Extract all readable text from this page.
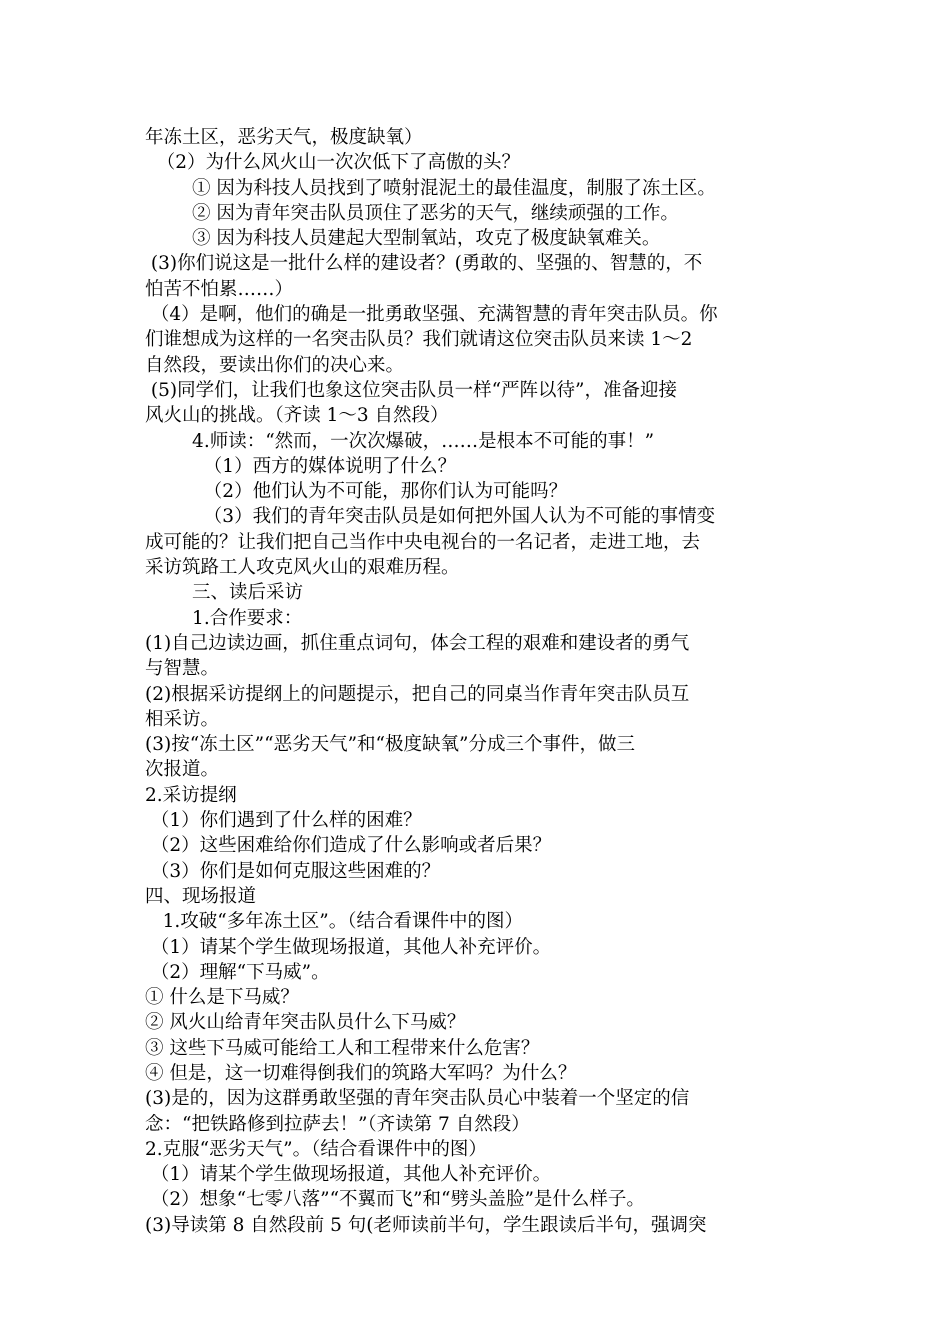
年冻土区，恶劣天气，极度缺氧）
（2）为什么风火山一次次低下了高傲的头？
① 因为科技人员找到了喷射混泥土的最佳温度，制服了冻土区。
② 因为青年突击队员顶住了恶劣的天气，继续顽强的工作。
③ 因为科技人员建起大型制氧站，攻克了极度缺氧难关。
(3)你们说这是一批什么样的建设者？(勇敢的、坚强的、智慧的，不
怕苦不怕累……）
（4）是啊，他们的确是一批勇敢坚强、充满智慧的青年突击队员。你
们谁想成为这样的一名突击队员？我们就请这位突击队员来读 1～2
自然段，要读出你们的决心来。
(5)同学们，让我们也象这位突击队员一样“严阵以待”，准备迎接
风火山的挑战。（齐读 1～3 自然段）
4.师读：“然而，一次次爆破，……是根本不可能的事！”
（1）西方的媒体说明了什么？
（2）他们认为不可能，那你们认为可能吗？
（3）我们的青年突击队员是如何把外国人认为不可能的事情变
成可能的？让我们把自己当作中央电视台的一名记者，走进工地，去
采访筑路工人攻克风火山的艰难历程。
三、读后采访
1.合作要求：
(1)自己边读边画，抓住重点词句，体会工程的艰难和建设者的勇气
与智慧。
(2)根据采访提纲上的问题提示，把自己的同桌当作青年突击队员互
相采访。
(3)按“冻土区”“恶劣天气”和“极度缺氧”分成三个事件，做三
次报道。
2.采访提纲
（1）你们遇到了什么样的困难？
（2）这些困难给你们造成了什么影响或者后果？
（3）你们是如何克服这些困难的？
四、现场报道
1.攻破“多年冻土区”。（结合看课件中的图）
（1）请某个学生做现场报道，其他人补充评价。
（2）理解“下马威”。
① 什么是下马威？
② 风火山给青年突击队员什么下马威？
③ 这些下马威可能给工人和工程带来什么危害？
④ 但是，这一切难得倒我们的筑路大军吗？为什么？
(3)是的，因为这群勇敢坚强的青年突击队员心中装着一个坚定的信
念：“把铁路修到拉萨去！”（齐读第 7 自然段）
2.克服“恶劣天气”。（结合看课件中的图）
（1）请某个学生做现场报道，其他人补充评价。
（2）想象“七零八落”“不翼而飞”和“劈头盖脸”是什么样子。
(3)导读第 8 自然段前 5 句(老师读前半句，学生跟读后半句，强调突
